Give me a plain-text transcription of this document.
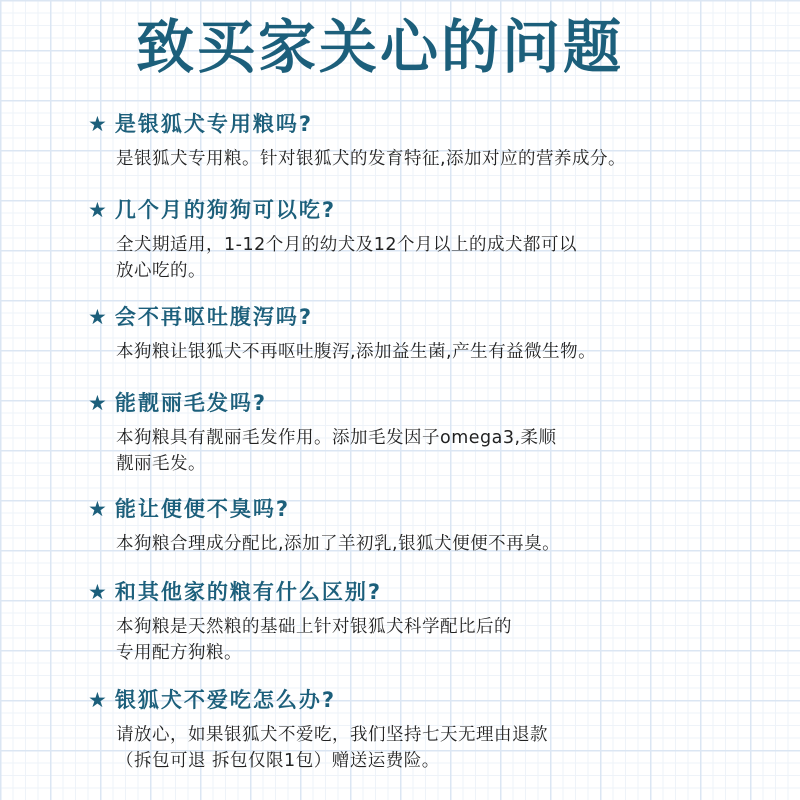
致买家关心的问题
★ 是银狐犬专用粮吗?
是银狐犬专用粮。针对银狐犬的发育特征,添加对应的营养成分。
★ 几个月的狗狗可以吃?
全犬期适用，1-12个月的幼犬及12个月以上的成犬都可以
放心吃的。
★ 会不再呕吐腹泻吗?
本狗粮让银狐犬不再呕吐腹泻,添加益生菌,产生有益微生物。
★ 能靓丽毛发吗?
本狗粮具有靓丽毛发作用。添加毛发因子omega3,柔顺
靓丽毛发。
★ 能让便便不臭吗?
本狗粮合理成分配比,添加了羊初乳,银狐犬便便不再臭。
★ 和其他家的粮有什么区别?
本狗粮是天然粮的基础上针对银狐犬科学配比后的
专用配方狗粮。
★ 银狐犬不爱吃怎么办?
请放心，如果银狐犬不爱吃，我们坚持七天无理由退款
（拆包可退 拆包仅限1包）赠送运费险。
